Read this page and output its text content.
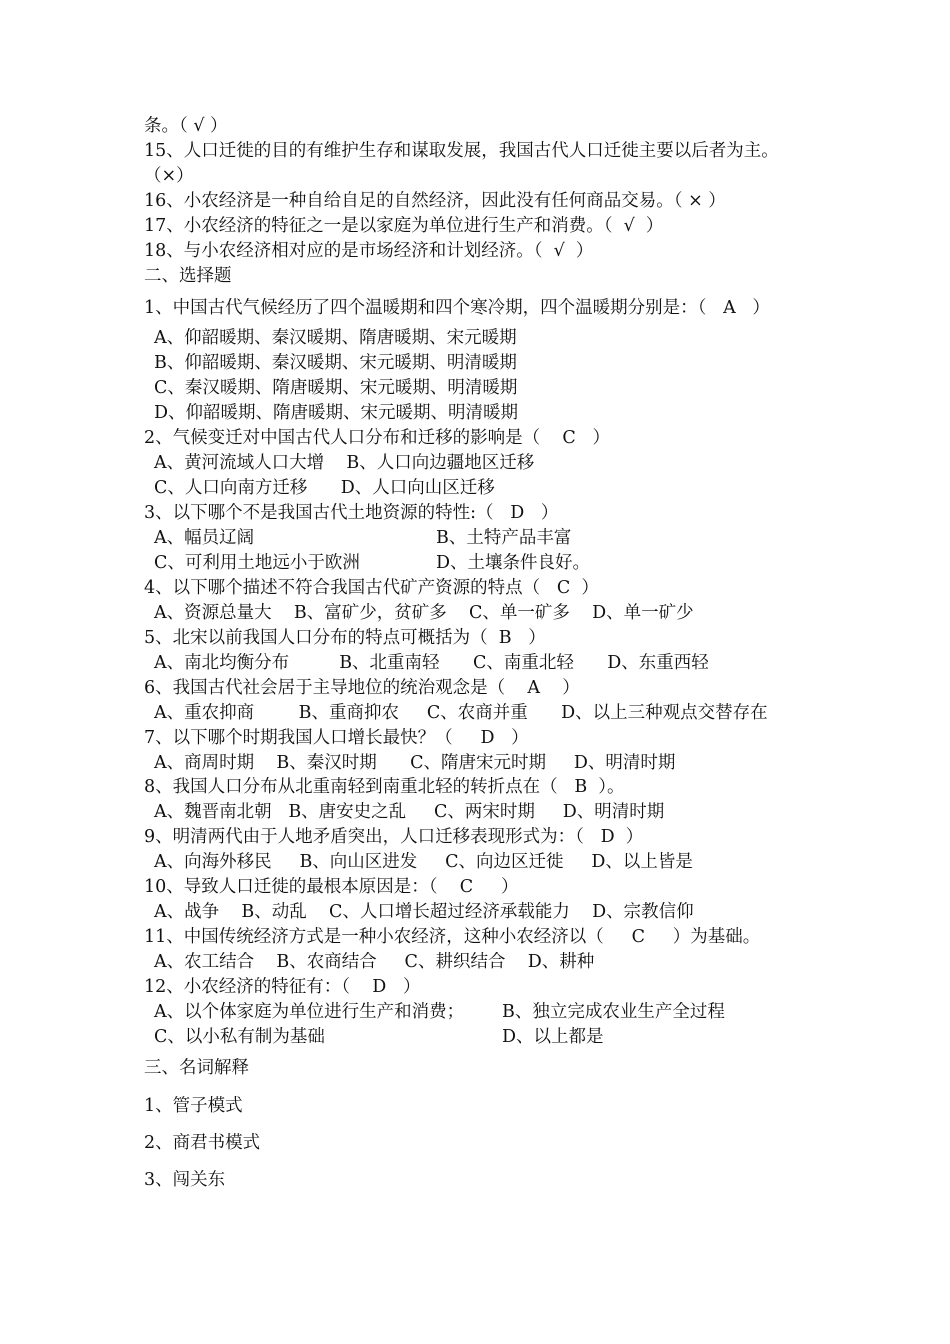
条。（ √ ）
15、人口迁徙的目的有维护生存和谋取发展，我国古代人口迁徙主要以后者为主。
（×）
16、小农经济是一种自给自足的自然经济，因此没有任何商品交易。（ × ）
17、小农经济的特征之一是以家庭为单位进行生产和消费。（  √  ）
18、与小农经济相对应的是市场经济和计划经济。（  √  ）
二、选择题
1、中国古代气候经历了四个温暖期和四个寒冷期，四个温暖期分别是：（   A   ）
A、仰韶暖期、秦汉暖期、隋唐暖期、宋元暖期
B、仰韶暖期、秦汉暖期、宋元暖期、明清暖期
C、秦汉暖期、隋唐暖期、宋元暖期、明清暖期
D、仰韶暖期、隋唐暖期、宋元暖期、明清暖期
2、气候变迁对中国古代人口分布和迁移的影响是（    C   ）
A、黄河流域人口大增    B、人口向边疆地区迁移
C、人口向南方迁移      D、人口向山区迁移
3、以下哪个不是我国古代土地资源的特性:（   D   ）
A、幅员辽阔	B、土特产品丰富
C、可利用土地远小于欧洲	D、土壤条件良好。
4、以下哪个描述不符合我国古代矿产资源的特点（   C  ）
A、资源总量大    B、富矿少，贫矿多    C、单一矿多    D、单一矿少
5、北宋以前我国人口分布的特点可概括为（  B   ）
A、南北均衡分布         B、北重南轻      C、南重北轻      D、东重西轻
6、我国古代社会居于主导地位的统治观念是（    A    ）
A、重农抑商        B、重商抑农     C、农商并重      D、以上三种观点交替存在
7、以下哪个时期我国人口增长最快？（     D   ）
A、商周时期    B、秦汉时期      C、隋唐宋元时期     D、明清时期
8、我国人口分布从北重南轻到南重北轻的转折点在（   B  ）。
A、魏晋南北朝   B、唐安史之乱     C、两宋时期     D、明清时期
9、明清两代由于人地矛盾突出，人口迁移表现形式为：（   D  ）
A、向海外移民     B、向山区进发     C、向边区迁徙     D、以上皆是
10、导致人口迁徙的最根本原因是：（    C     ）
A、战争    B、动乱    C、人口增长超过经济承载能力    D、宗教信仰
11、中国传统经济方式是一种小农经济，这种小农经济以（     C     ）为基础。
A、农工结合    B、农商结合     C、耕织结合    D、耕种
12、小农经济的特征有：（    D   ）
A、以个体家庭为单位进行生产和消费； B、独立完成农业生产全过程
C、以小私有制为基础	D、以上都是
三、名词解释
1、管子模式
2、商君书模式
3、闯关东
